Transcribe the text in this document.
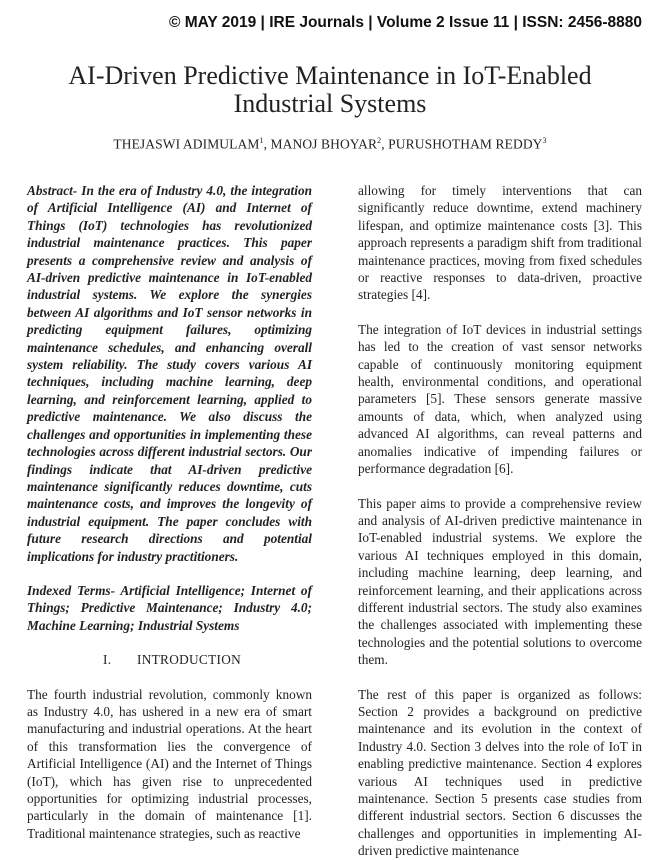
© MAY 2019 | IRE Journals | Volume 2 Issue 11 | ISSN: 2456-8880
AI-Driven Predictive Maintenance in IoT-Enabled
Industrial Systems
THEJASWI ADIMULAM$^1$, MANOJ BHOYAR$^2$, PURUSHOTHAM REDDY$^3$

Abstract- In the era of Industry 4.0, the integration of Artificial Intelligence (AI) and Internet of Things (IoT) technologies has revolutionized industrial maintenance practices. This paper presents a comprehensive review and analysis of AI-driven predictive maintenance in IoT-enabled industrial systems. We explore the synergies between AI algorithms and IoT sensor networks in predicting equipment failures, optimizing maintenance schedules, and enhancing overall system reliability. The study covers various AI techniques, including machine learning, deep learning, and reinforcement learning, applied to predictive maintenance. We also discuss the challenges and opportunities in implementing these technologies across different industrial sectors. Our findings indicate that AI-driven predictive maintenance significantly reduces downtime, cuts maintenance costs, and improves the longevity of industrial equipment. The paper concludes with future research directions and potential implications for industry practitioners.

Indexed Terms- Artificial Intelligence; Internet of Things; Predictive Maintenance; Industry 4.0; Machine Learning; Industrial Systems

I. INTRODUCTION

The fourth industrial revolution, commonly known as Industry 4.0, has ushered in a new era of smart manufacturing and industrial operations. At the heart of this transformation lies the convergence of Artificial Intelligence (AI) and the Internet of Things (IoT), which has given rise to unprecedented opportunities for optimizing industrial processes, particularly in the domain of maintenance [1]. Traditional maintenance strategies, such as reactive

allowing for timely interventions that can significantly reduce downtime, extend machinery lifespan, and optimize maintenance costs [3]. This approach represents a paradigm shift from traditional maintenance practices, moving from fixed schedules or reactive responses to data-driven, proactive strategies [4].

The integration of IoT devices in industrial settings has led to the creation of vast sensor networks capable of continuously monitoring equipment health, environmental conditions, and operational parameters [5]. These sensors generate massive amounts of data, which, when analyzed using advanced AI algorithms, can reveal patterns and anomalies indicative of impending failures or performance degradation [6].

This paper aims to provide a comprehensive review and analysis of AI-driven predictive maintenance in IoT-enabled industrial systems. We explore the various AI techniques employed in this domain, including machine learning, deep learning, and reinforcement learning, and their applications across different industrial sectors. The study also examines the challenges associated with implementing these technologies and the potential solutions to overcome them.

The rest of this paper is organized as follows: Section 2 provides a background on predictive maintenance and its evolution in the context of Industry 4.0. Section 3 delves into the role of IoT in enabling predictive maintenance. Section 4 explores various AI techniques used in predictive maintenance. Section 5 presents case studies from different industrial sectors. Section 6 discusses the challenges and opportunities in implementing AI-driven predictive maintenance
